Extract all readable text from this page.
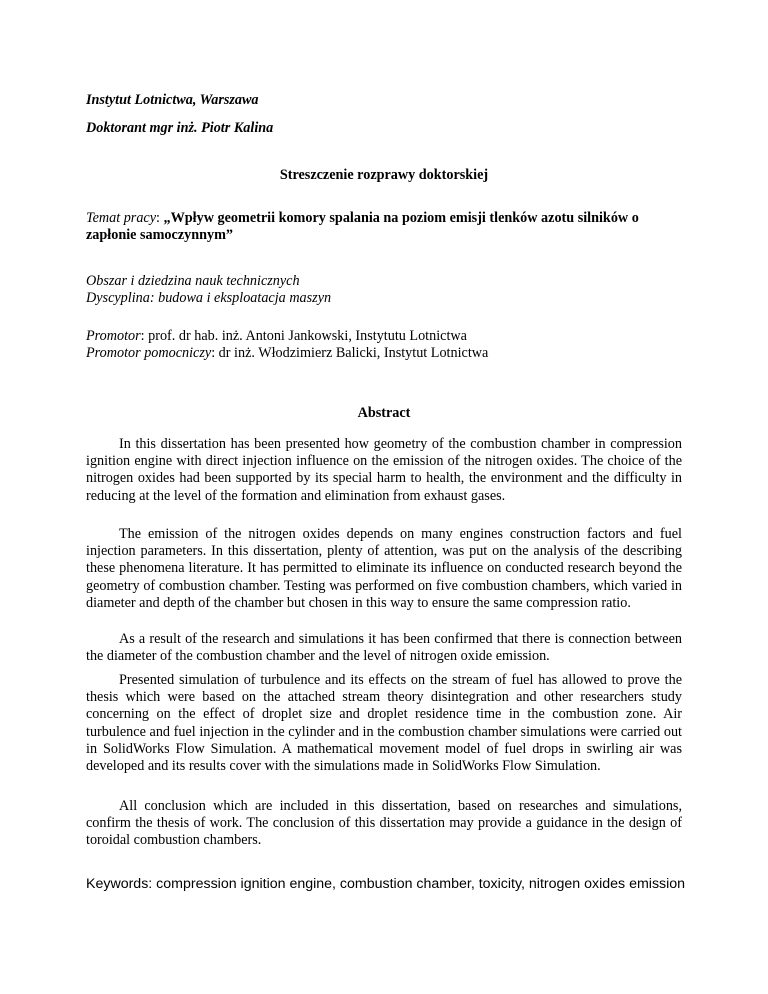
Instytut Lotnictwa, Warszawa
Doktorant mgr inż. Piotr Kalina
Streszczenie rozprawy doktorskiej
Temat pracy: „Wpływ geometrii komory spalania na poziom emisji tlenków azotu silników o zapłonie samoczynnym”
Obszar i dziedzina nauk technicznych
Dyscyplina: budowa i eksploatacja maszyn
Promotor: prof. dr hab. inż. Antoni Jankowski, Instytutu Lotnictwa
Promotor pomocniczy: dr inż. Włodzimierz Balicki, Instytut Lotnictwa
Abstract

In this dissertation has been presented how geometry of the combustion chamber in compression ignition engine with direct injection influence on the emission of the nitrogen oxides. The choice of the nitrogen oxides had been supported by its special harm to health, the environment and the difficulty in reducing at the level of the formation and elimination from exhaust gases.

The emission of the nitrogen oxides depends on many engines construction factors and fuel injection parameters. In this dissertation, plenty of attention, was put on the analysis of the describing these phenomena literature. It has permitted to eliminate its influence on conducted research beyond the geometry of combustion chamber. Testing was performed on five combustion chambers, which varied in diameter and depth of the chamber but chosen in this way to ensure the same compression ratio.

As a result of the research and simulations it has been confirmed that there is connection between the diameter of the combustion chamber and the level of nitrogen oxide emission.

Presented simulation of turbulence and its effects on the stream of fuel has allowed to prove the thesis which were based on the attached stream theory disintegration and other researchers study concerning on the effect of droplet size and droplet residence time in the combustion zone. Air turbulence and fuel injection in the cylinder and in the combustion chamber simulations were carried out in SolidWorks Flow Simulation. A mathematical movement model of fuel drops in swirling air was developed and its results cover with the simulations made in SolidWorks Flow Simulation.

All conclusion which are included in this dissertation, based on researches and simulations, confirm the thesis of work. The conclusion of this dissertation may provide a guidance in the design of toroidal combustion chambers.

Keywords: compression ignition engine, combustion chamber, toxicity, nitrogen oxides emission
